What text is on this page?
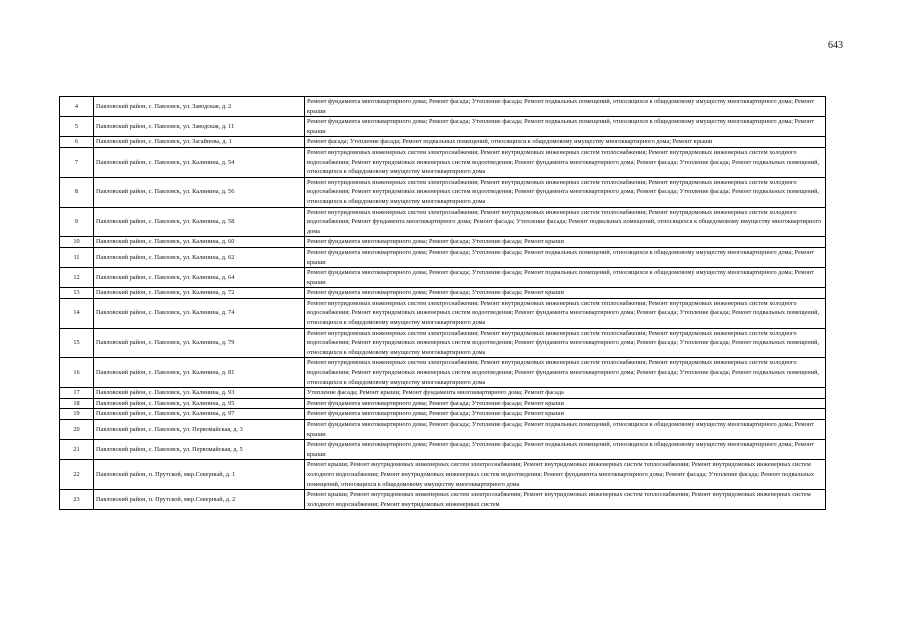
643
4	Павловский район, с. Павловск, ул. Заводская, д. 2	Ремонт фундамента многоквартирного дома; Ремонт фасада; Утепление фасада; Ремонт подвальных помещений, относящихся к общедомовому имуществу многоквартирного дома; Ремонт крыши
5	Павловский район, с. Павловск, ул. Заводская, д. 11	Ремонт фундамента многоквартирного дома; Ремонт фасада; Утепление фасада; Ремонт подвальных помещений, относящихся к общедомовому имуществу многоквартирного дома; Ремонт крыши
6	Павловский район, с. Павловск, ул. Загайнова, д. 1	Ремонт фасада; Утепление фасада; Ремонт подвальных помещений, относящихся к общедомовому имуществу многоквартирного дома; Ремонт крыши
7	Павловский район, с. Павловск, ул. Калинина, д. 54	Ремонт внутридомовых инженерных систем электроснабжения; Ремонт внутридомовых инженерных систем теплоснабжения; Ремонт внутридомовых инженерных систем холодного водоснабжения; Ремонт внутридомовых инженерных систем водоотведения; Ремонт фундамента многоквартирного дома; Ремонт фасада; Утепление фасада; Ремонт подвальных помещений, относящихся к общедомовому имуществу многоквартирного дома
8	Павловский район, с. Павловск, ул. Калинина, д. 56	Ремонт внутридомовых инженерных систем электроснабжения; Ремонт внутридомовых инженерных систем теплоснабжения; Ремонт внутридомовых инженерных систем холодного водоснабжения; Ремонт внутридомовых инженерных систем водоотведения; Ремонт фундамента многоквартирного дома; Ремонт фасада; Утепление фасада; Ремонт подвальных помещений, относящихся к общедомовому имуществу многоквартирного дома
9	Павловский район, с. Павловск, ул. Калинина, д. 58	Ремонт внутридомовых инженерных систем электроснабжения; Ремонт внутридомовых инженерных систем теплоснабжения; Ремонт внутридомовых инженерных систем холодного водоснабжения; Ремонт фундамента многоквартирного дома; Ремонт фасада; Утепление фасада; Ремонт подвальных помещений, относящихся к общедомовому имуществу многоквартирного дома
10	Павловский район, с. Павловск, ул. Калинина, д. 60	Ремонт фундамента многоквартирного дома; Ремонт фасада; Утепление фасада; Ремонт крыши
11	Павловский район, с. Павловск, ул. Калинина, д. 62	Ремонт фундамента многоквартирного дома; Ремонт фасада; Утепление фасада; Ремонт подвальных помещений, относящихся к общедомовому имуществу многоквартирного дома; Ремонт крыши
12	Павловский район, с. Павловск, ул. Калинина, д. 64	Ремонт фундамента многоквартирного дома; Ремонт фасада; Утепление фасада; Ремонт подвальных помещений, относящихся к общедомовому имуществу многоквартирного дома; Ремонт крыши
13	Павловский район, с. Павловск, ул. Калинина, д. 72	Ремонт фундамента многоквартирного дома; Ремонт фасада; Утепление фасада; Ремонт крыши
14	Павловский район, с. Павловск, ул. Калинина, д. 74	Ремонт внутридомовых инженерных систем электроснабжения; Ремонт внутридомовых инженерных систем теплоснабжения; Ремонт внутридомовых инженерных систем холодного водоснабжения; Ремонт внутридомовых инженерных систем водоотведения; Ремонт фундамента многоквартирного дома; Ремонт фасада; Утепление фасада; Ремонт подвальных помещений, относящихся к общедомовому имуществу многоквартирного дома
15	Павловский район, с. Павловск, ул. Калинина, д. 79	Ремонт внутридомовых инженерных систем электроснабжения; Ремонт внутридомовых инженерных систем теплоснабжения; Ремонт внутридомовых инженерных систем холодного водоснабжения; Ремонт внутридомовых инженерных систем водоотведения; Ремонт фундамента многоквартирного дома; Ремонт фасада; Утепление фасада; Ремонт подвальных помещений, относящихся к общедомовому имуществу многоквартирного дома
16	Павловский район, с. Павловск, ул. Калинина, д. 81	Ремонт внутридомовых инженерных систем электроснабжения; Ремонт внутридомовых инженерных систем теплоснабжения; Ремонт внутридомовых инженерных систем холодного водоснабжения; Ремонт внутридомовых инженерных систем водоотведения; Ремонт фундамента многоквартирного дома; Ремонт фасада; Утепление фасада; Ремонт подвальных помещений, относящихся к общедомовому имуществу многоквартирного дома
17	Павловский район, с. Павловск, ул. Калинина, д. 93	Утепление фасада; Ремонт крыши; Ремонт фундамента многоквартирного дома; Ремонт фасада
18	Павловский район, с. Павловск, ул. Калинина, д. 95	Ремонт фундамента многоквартирного дома; Ремонт фасада; Утепление фасада; Ремонт крыши
19	Павловский район, с. Павловск, ул. Калинина, д. 97	Ремонт фундамента многоквартирного дома; Ремонт фасада; Утепление фасада; Ремонт крыши
20	Павловский район, с. Павловск, ул. Первомайская, д. 3	Ремонт фундамента многоквартирного дома; Ремонт фасада; Утепление фасада; Ремонт подвальных помещений, относящихся к общедомовому имуществу многоквартирного дома; Ремонт крыши
21	Павловский район, с. Павловск, ул. Первомайская, д. 5	Ремонт фундамента многоквартирного дома; Ремонт фасада; Утепление фасада; Ремонт подвальных помещений, относящихся к общедомовому имуществу многоквартирного дома; Ремонт крыши
22	Павловский район, п. Прутской, мкр.Северный, д. 1	Ремонт крыши; Ремонт внутридомовых инженерных систем электроснабжения; Ремонт внутридомовых инженерных систем теплоснабжения; Ремонт внутридомовых инженерных систем холодного водоснабжения; Ремонт внутридомовых инженерных систем водоотведения; Ремонт фундамента многоквартирного дома; Ремонт фасада; Утепление фасада; Ремонт подвальных помещений, относящихся к общедомовому имуществу многоквартирного дома
23	Павловский район, п. Прутской, мкр.Северный, д. 2	Ремонт крыши; Ремонт внутридомовых инженерных систем электроснабжения; Ремонт внутридомовых инженерных систем теплоснабжения; Ремонт внутридомовых инженерных систем холодного водоснабжения; Ремонт внутридомовых инженерных систем
